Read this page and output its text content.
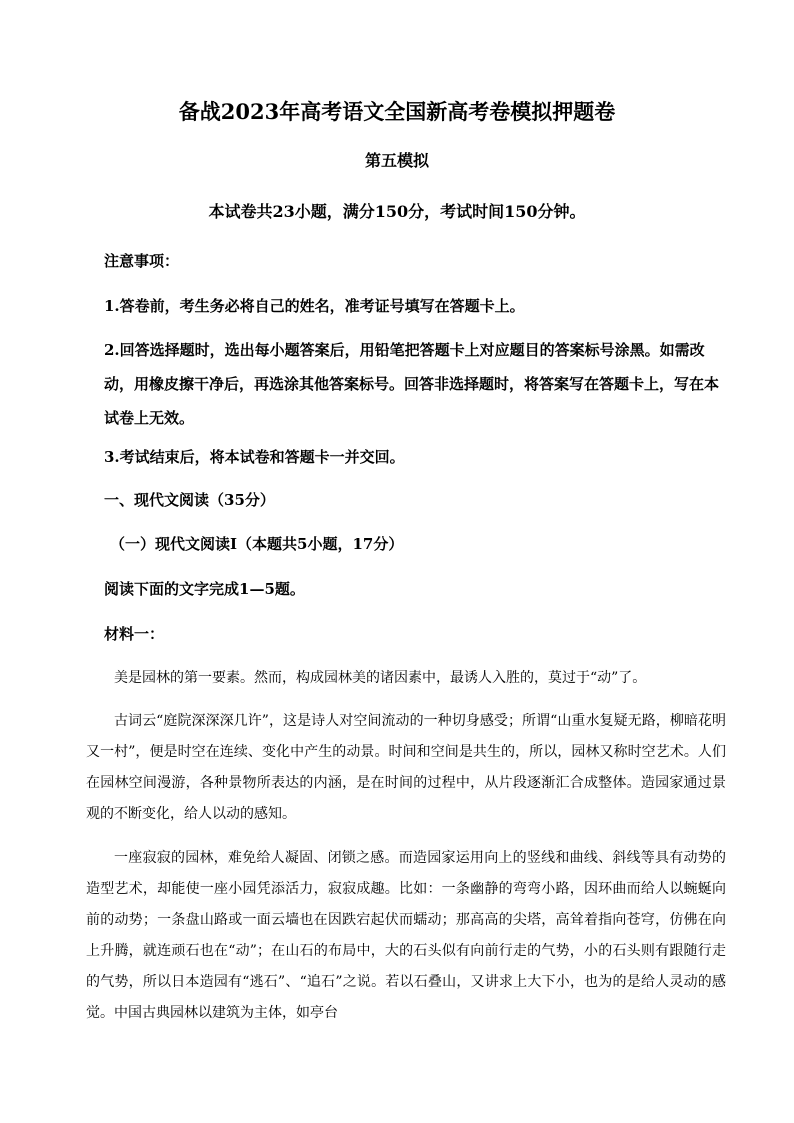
备战2023年高考语文全国新高考卷模拟押题卷
第五模拟
本试卷共23小题，满分150分，考试时间150分钟。
注意事项：
1.答卷前，考生务必将自己的姓名，准考证号填写在答题卡上。
2.回答选择题时，选出每小题答案后，用铅笔把答题卡上对应题目的答案标号涂黑。如需改动，用橡皮擦干净后，再选涂其他答案标号。回答非选择题时，将答案写在答题卡上，写在本试卷上无效。
3.考试结束后，将本试卷和答题卡一并交回。
一、现代文阅读（35分）
（一）现代文阅读Ⅰ（本题共5小题，17分）
阅读下面的文字完成1—5题。
材料一：
美是园林的第一要素。然而，构成园林美的诸因素中，最诱人入胜的，莫过于“动”了。
古词云“庭院深深深几许”，这是诗人对空间流动的一种切身感受；所谓“山重水复疑无路，柳暗花明又一村”，便是时空在连续、变化中产生的动景。时间和空间是共生的，所以，园林又称时空艺术。人们在园林空间漫游，各种景物所表达的内涵，是在时间的过程中，从片段逐渐汇合成整体。造园家通过景观的不断变化，给人以动的感知。
一座寂寂的园林，难免给人凝固、闭锁之感。而造园家运用向上的竖线和曲线、斜线等具有动势的造型艺术，却能使一座小园凭添活力，寂寂成趣。比如：一条幽静的弯弯小路，因环曲而给人以蜿蜒向前的动势；一条盘山路或一面云墙也在因跌宕起伏而蠕动；那高高的尖塔，高耸着指向苍穹，仿佛在向上升腾，就连顽石也在“动”；在山石的布局中，大的石头似有向前行走的气势，小的石头则有跟随行走的气势，所以日本造园有“逃石”、“追石”之说。若以石叠山，又讲求上大下小，也为的是给人灵动的感觉。中国古典园林以建筑为主体，如亭台
